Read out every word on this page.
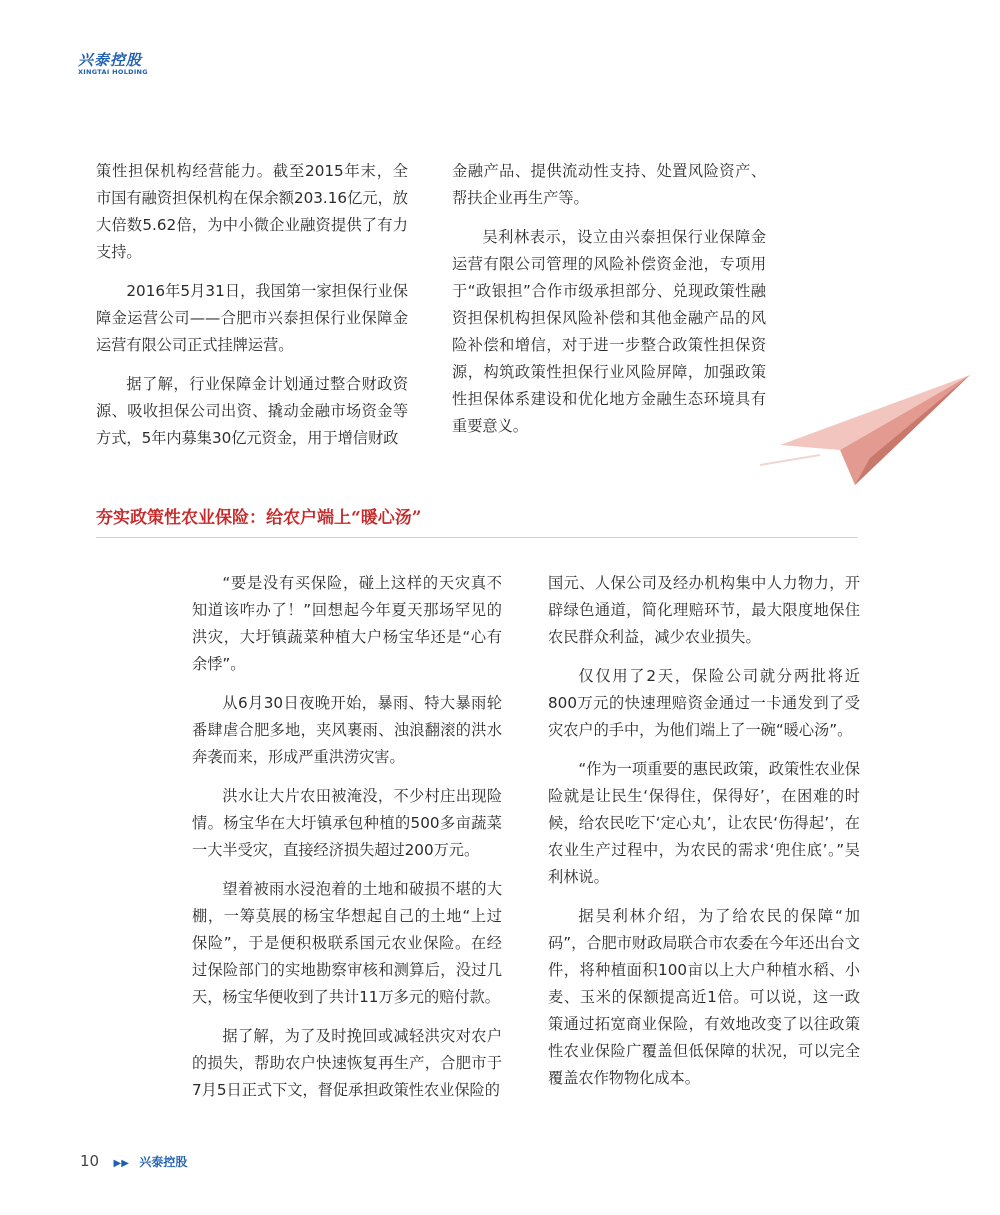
兴泰控股
XINGTAI HOLDING

策性担保机构经营能力。截至2015年末，全市国有融资担保机构在保余额203.16亿元，放大倍数5.62倍，为中小微企业融资提供了有力支持。

2016年5月31日，我国第一家担保行业保障金运营公司——合肥市兴泰担保行业保障金运营有限公司正式挂牌运营。

据了解，行业保障金计划通过整合财政资源、吸收担保公司出资、撬动金融市场资金等方式，5年内募集30亿元资金，用于增信财政

金融产品、提供流动性支持、处置风险资产、帮扶企业再生产等。

吴利林表示，设立由兴泰担保行业保障金运营有限公司管理的风险补偿资金池，专项用于“政银担”合作市级承担部分、兑现政策性融资担保机构担保风险补偿和其他金融产品的风险补偿和增信，对于进一步整合政策性担保资源，构筑政策性担保行业风险屏障，加强政策性担保体系建设和优化地方金融生态环境具有重要意义。

夯实政策性农业保险：给农户端上“暖心汤”

“要是没有买保险，碰上这样的天灾真不知道该咋办了！”回想起今年夏天那场罕见的洪灾，大圩镇蔬菜种植大户杨宝华还是“心有余悸”。

从6月30日夜晚开始，暴雨、特大暴雨轮番肆虐合肥多地，夹风裹雨、浊浪翻滚的洪水奔袭而来，形成严重洪涝灾害。

洪水让大片农田被淹没，不少村庄出现险情。杨宝华在大圩镇承包种植的500多亩蔬菜一大半受灾，直接经济损失超过200万元。

望着被雨水浸泡着的土地和破损不堪的大棚，一筹莫展的杨宝华想起自己的土地“上过保险”，于是便积极联系国元农业保险。在经过保险部门的实地勘察审核和测算后，没过几天，杨宝华便收到了共计11万多元的赔付款。

据了解，为了及时挽回或减轻洪灾对农户的损失，帮助农户快速恢复再生产，合肥市于7月5日正式下文，督促承担政策性农业保险的

国元、人保公司及经办机构集中人力物力，开辟绿色通道，简化理赔环节，最大限度地保住农民群众利益，减少农业损失。

仅仅用了2天，保险公司就分两批将近800万元的快速理赔资金通过一卡通发到了受灾农户的手中，为他们端上了一碗“暖心汤”。

“作为一项重要的惠民政策，政策性农业保险就是让民生‘保得住，保得好’，在困难的时候，给农民吃下‘定心丸’，让农民‘伤得起’，在农业生产过程中，为农民的需求‘兜住底’。”吴利林说。

据吴利林介绍，为了给农民的保障“加码”，合肥市财政局联合市农委在今年还出台文件，将种植面积100亩以上大户种植水稻、小麦、玉米的保额提高近1倍。可以说，这一政策通过拓宽商业保险，有效地改变了以往政策性农业保险广覆盖但低保障的状况，可以完全覆盖农作物物化成本。

10 ▶▶ 兴泰控股
